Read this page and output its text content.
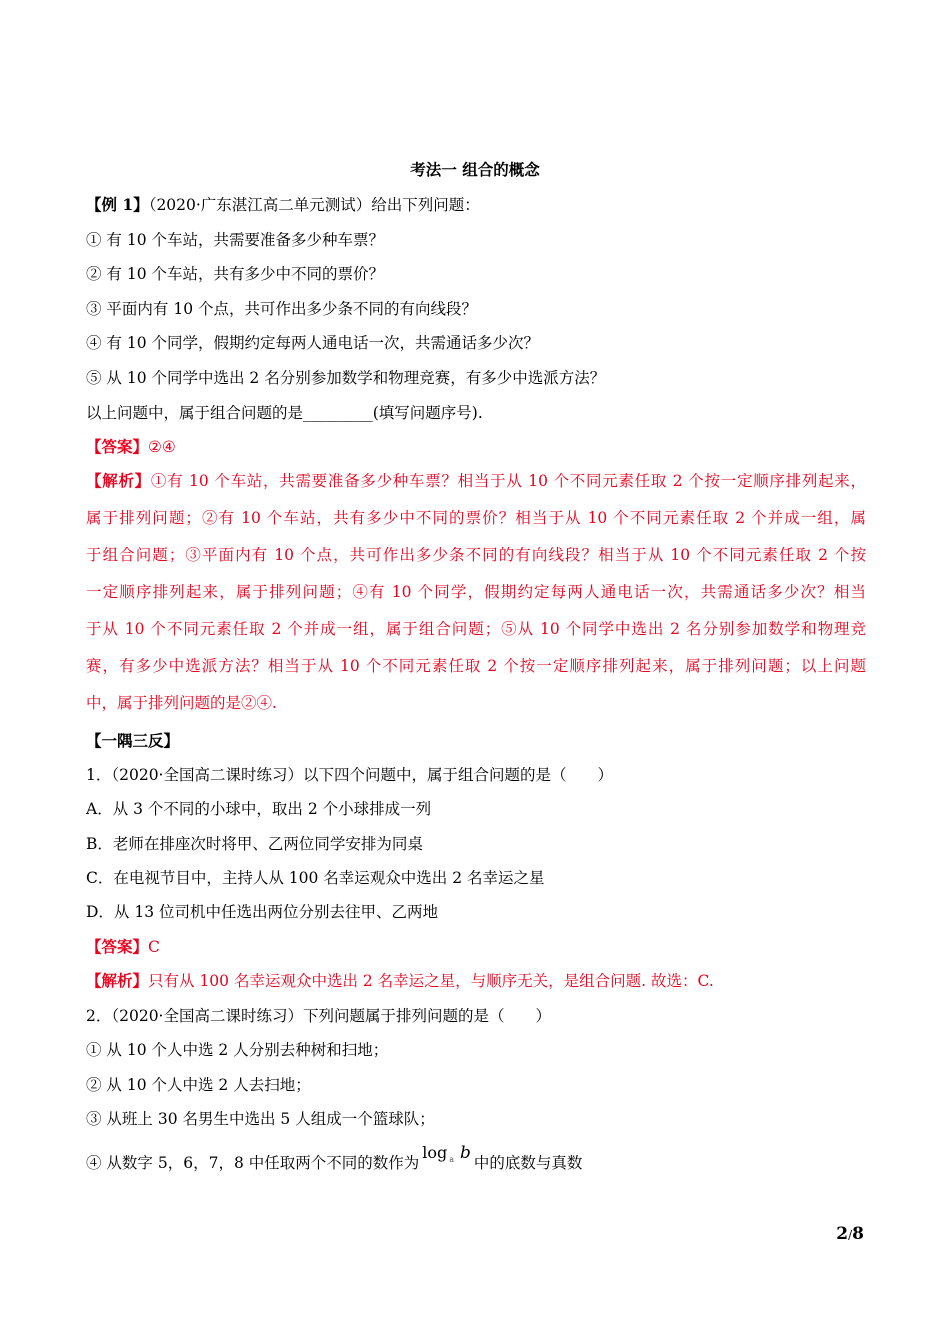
考法一 组合的概念
【例 1】（2020·广东湛江高二单元测试）给出下列问题：
① 有 10 个车站，共需要准备多少种车票？
② 有 10 个车站，共有多少中不同的票价？
③ 平面内有 10 个点，共可作出多少条不同的有向线段？
④ 有 10 个同学，假期约定每两人通电话一次，共需通话多少次？
⑤ 从 10 个同学中选出 2 名分别参加数学和物理竞赛，有多少中选派方法？
以上问题中，属于组合问题的是_________(填写问题序号).
【答案】②④
【解析】①有 10 个车站，共需要准备多少种车票？相当于从 10 个不同元素任取 2 个按一定顺序排列起来，
属于排列问题；②有 10 个车站，共有多少中不同的票价？相当于从 10 个不同元素任取 2 个并成一组，属
于组合问题；③平面内有 10 个点，共可作出多少条不同的有向线段？相当于从 10 个不同元素任取 2 个按
一定顺序排列起来，属于排列问题；④有 10 个同学，假期约定每两人通电话一次，共需通话多少次？相当
于从 10 个不同元素任取 2 个并成一组，属于组合问题；⑤从 10 个同学中选出 2 名分别参加数学和物理竞
赛，有多少中选派方法？相当于从 10 个不同元素任取 2 个按一定顺序排列起来，属于排列问题；以上问题
中，属于排列问题的是②④.
【一隅三反】
1．（2020·全国高二课时练习）以下四个问题中，属于组合问题的是（　　）
A．从 3 个不同的小球中，取出 2 个小球排成一列
B．老师在排座次时将甲、乙两位同学安排为同桌
C．在电视节目中，主持人从 100 名幸运观众中选出 2 名幸运之星
D．从 13 位司机中任选出两位分别去往甲、乙两地
【答案】C
【解析】只有从 100 名幸运观众中选出 2 名幸运之星，与顺序无关，是组合问题. 故选：C.
2．（2020·全国高二课时练习）下列问题属于排列问题的是（　　）
① 从 10 个人中选 2 人分别去种树和扫地；
② 从 10 个人中选 2 人去扫地；
③ 从班上 30 名男生中选出 5 人组成一个篮球队；
④ 从数字 5，6，7，8 中任取两个不同的数作为log $^a$ b 中的底数与真数
2/8
